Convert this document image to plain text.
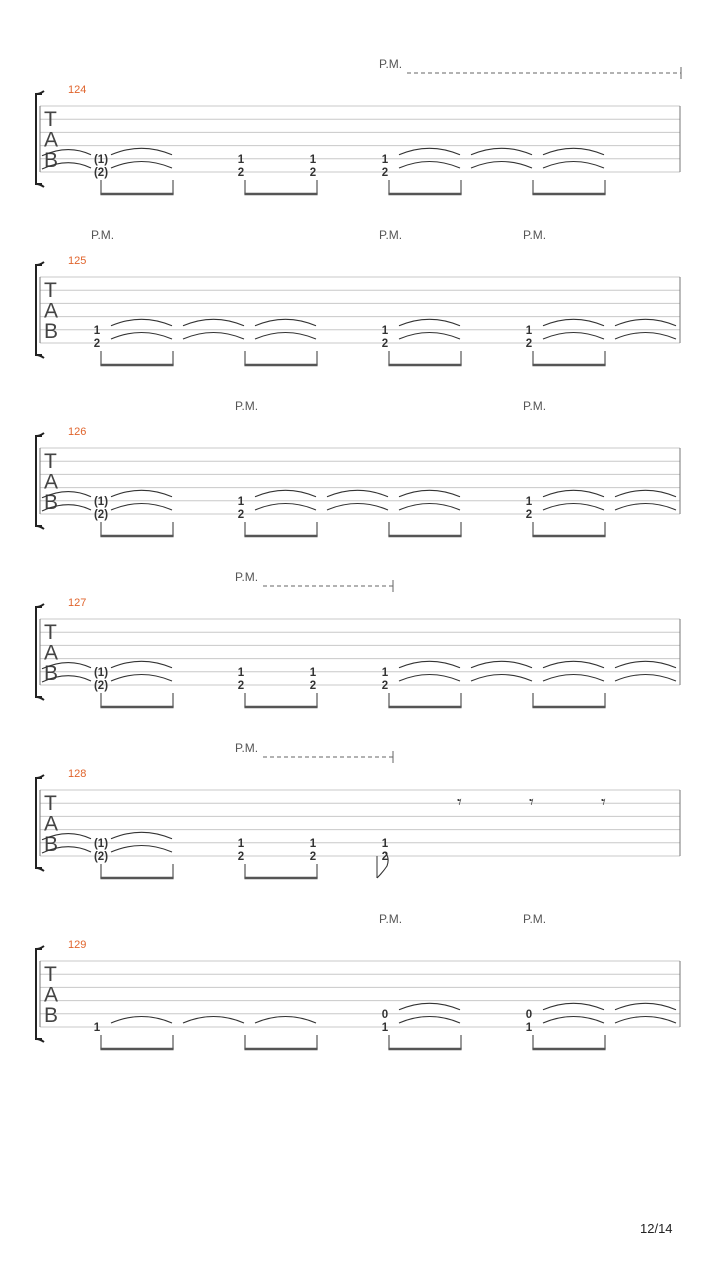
T
A
B
124
P.M.
(1)
(2)
1
2
1
2
1
2
T
A
B
125
P.M.	P.M.	P.M.
1
2
1
2
1
2
T
A
B
126
P.M.	P.M.
(1)
(2)
1
2
1
2
T
A
B
127
P.M.
(1)
(2)
1
2
1
2
1
2
T
A
B
128
P.M.
(1)
(2)
1
2
1
2
1
2
𝄾	𝄾	𝄾
T
A
B
129
P.M.	P.M.
1
0
1
0
1
12/14
